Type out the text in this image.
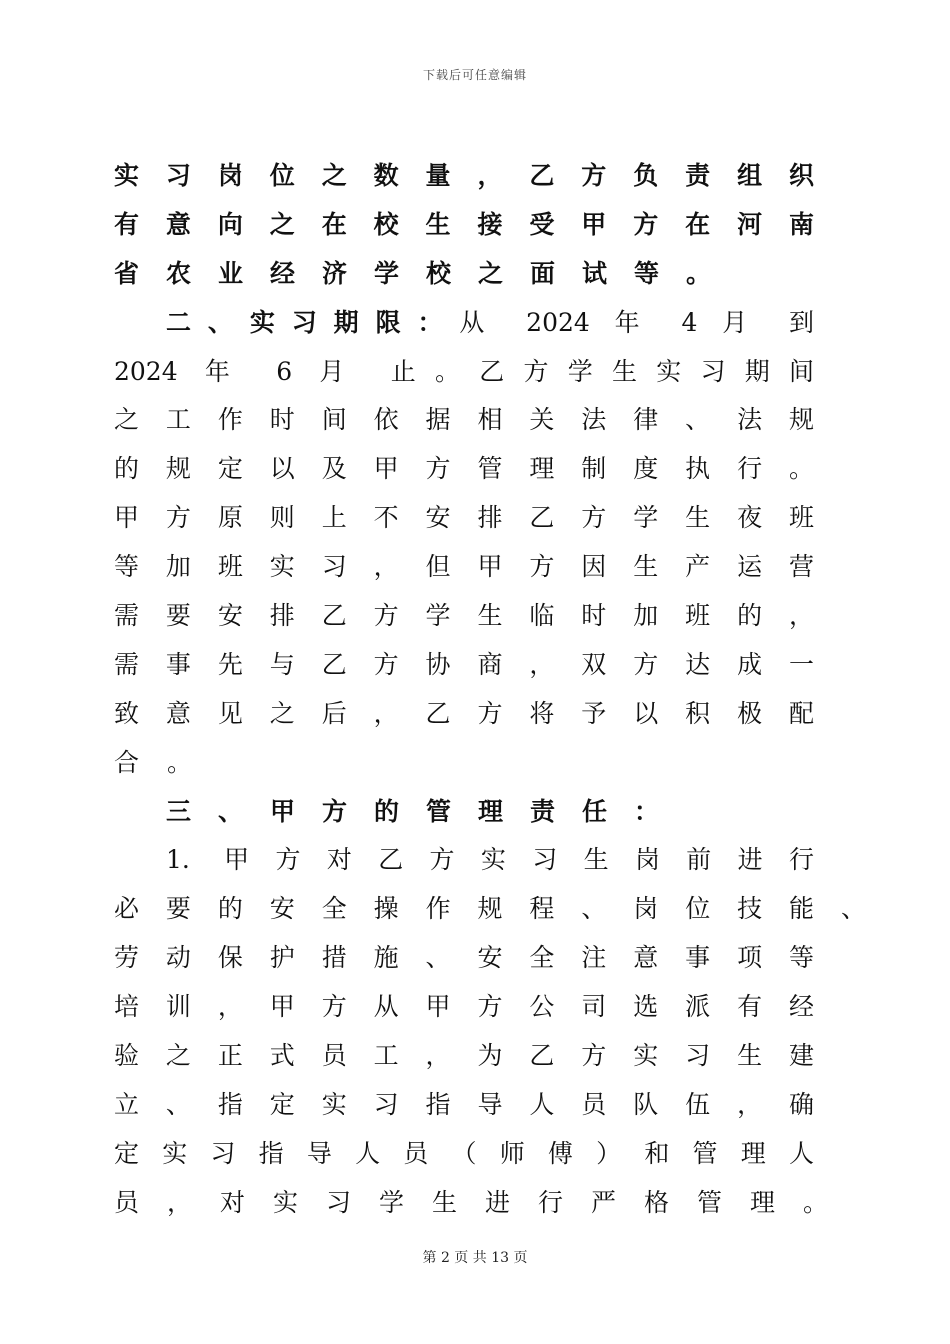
下载后可任意编辑
实习岗位之数量，乙方负责组织
有意向之在校生接受甲方在河南
省农业经济学校之面试等。
二、实习期限：从 2024 年 4 月 到
2024 年 6 月 止。乙方学生实习期间
之工作时间依据相关法律、法规
的规定以及甲方管理制度执行。
甲方原则上不安排乙方学生夜班
等加班实习，但甲方因生产运营
需要安排乙方学生临时加班的，
需事先与乙方协商，双方达成一
致意见之后，乙方将予以积极配
合。
三、甲方的管理责任：
1. 甲方对乙方实习生岗前进行
必要的安全操作规程、岗位技能、
劳动保护措施、安全注意事项等
培训，甲方从甲方公司选派有经
验之正式员工，为乙方实习生建
立、指定实习指导人员队伍，确
定实习指导人员（师傅）和管理人
员，对实习学生进行严格管理。
第 2 页 共 13 页
